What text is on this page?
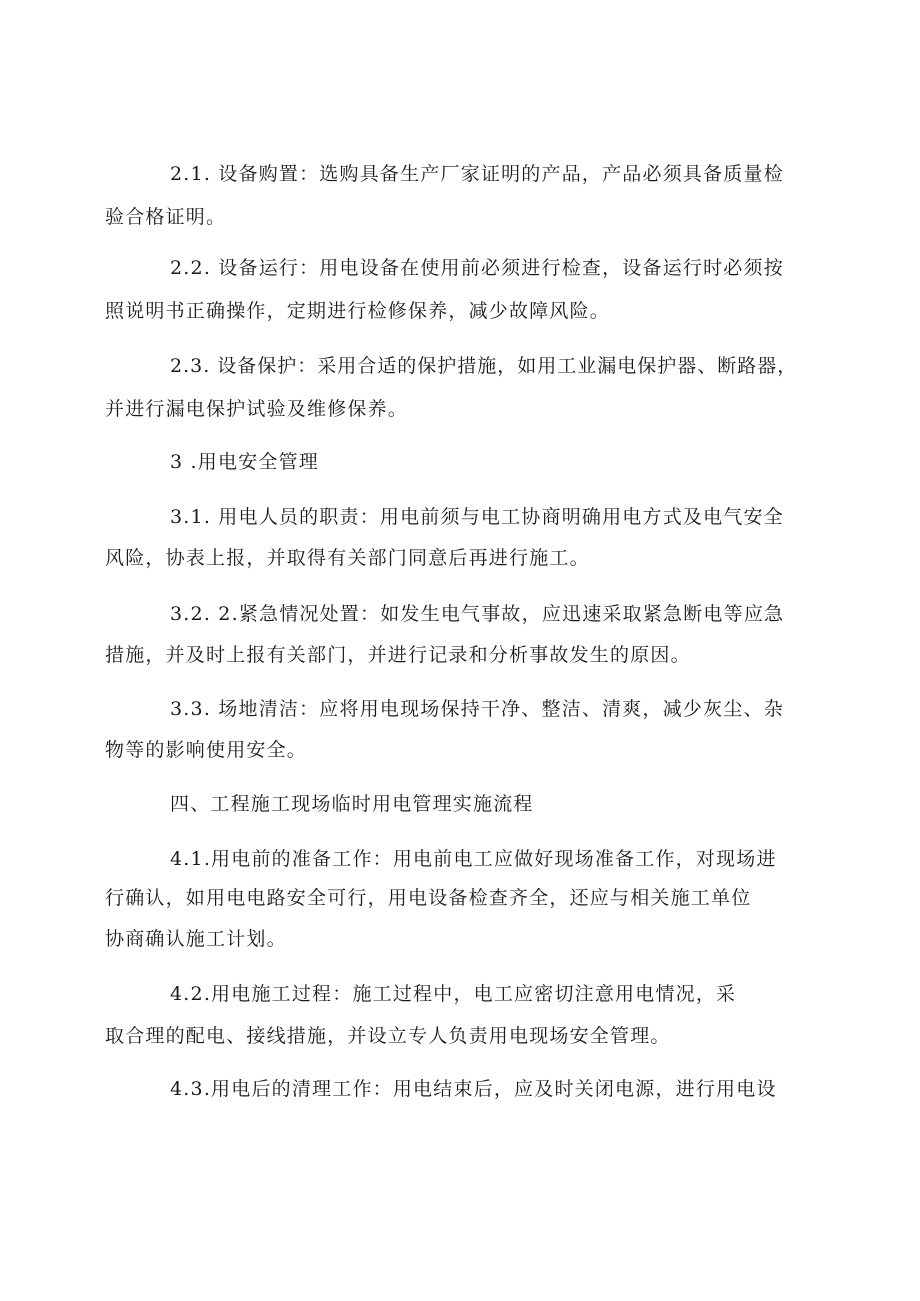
2.1. 设备购置：选购具备生产厂家证明的产品，产品必须具备质量检
验合格证明。
2.2. 设备运行：用电设备在使用前必须进行检查，设备运行时必须按
照说明书正确操作，定期进行检修保养，减少故障风险。
2.3. 设备保护：采用合适的保护措施，如用工业漏电保护器、断路器，
并进行漏电保护试验及维修保养。
3 .用电安全管理
3.1. 用电人员的职责：用电前须与电工协商明确用电方式及电气安全
风险，协表上报，并取得有关部门同意后再进行施工。
3.2. 2.紧急情况处置：如发生电气事故，应迅速采取紧急断电等应急
措施，并及时上报有关部门，并进行记录和分析事故发生的原因。
3.3. 场地清洁：应将用电现场保持干净、整洁、清爽，减少灰尘、杂
物等的影响使用安全。
四、工程施工现场临时用电管理实施流程
4.1.用电前的准备工作：用电前电工应做好现场准备工作，对现场进
行确认，如用电电路安全可行，用电设备检查齐全，还应与相关施工单位
协商确认施工计划。
4.2.用电施工过程：施工过程中，电工应密切注意用电情况，采
取合理的配电、接线措施，并设立专人负责用电现场安全管理。
4.3.用电后的清理工作：用电结束后，应及时关闭电源，进行用电设
